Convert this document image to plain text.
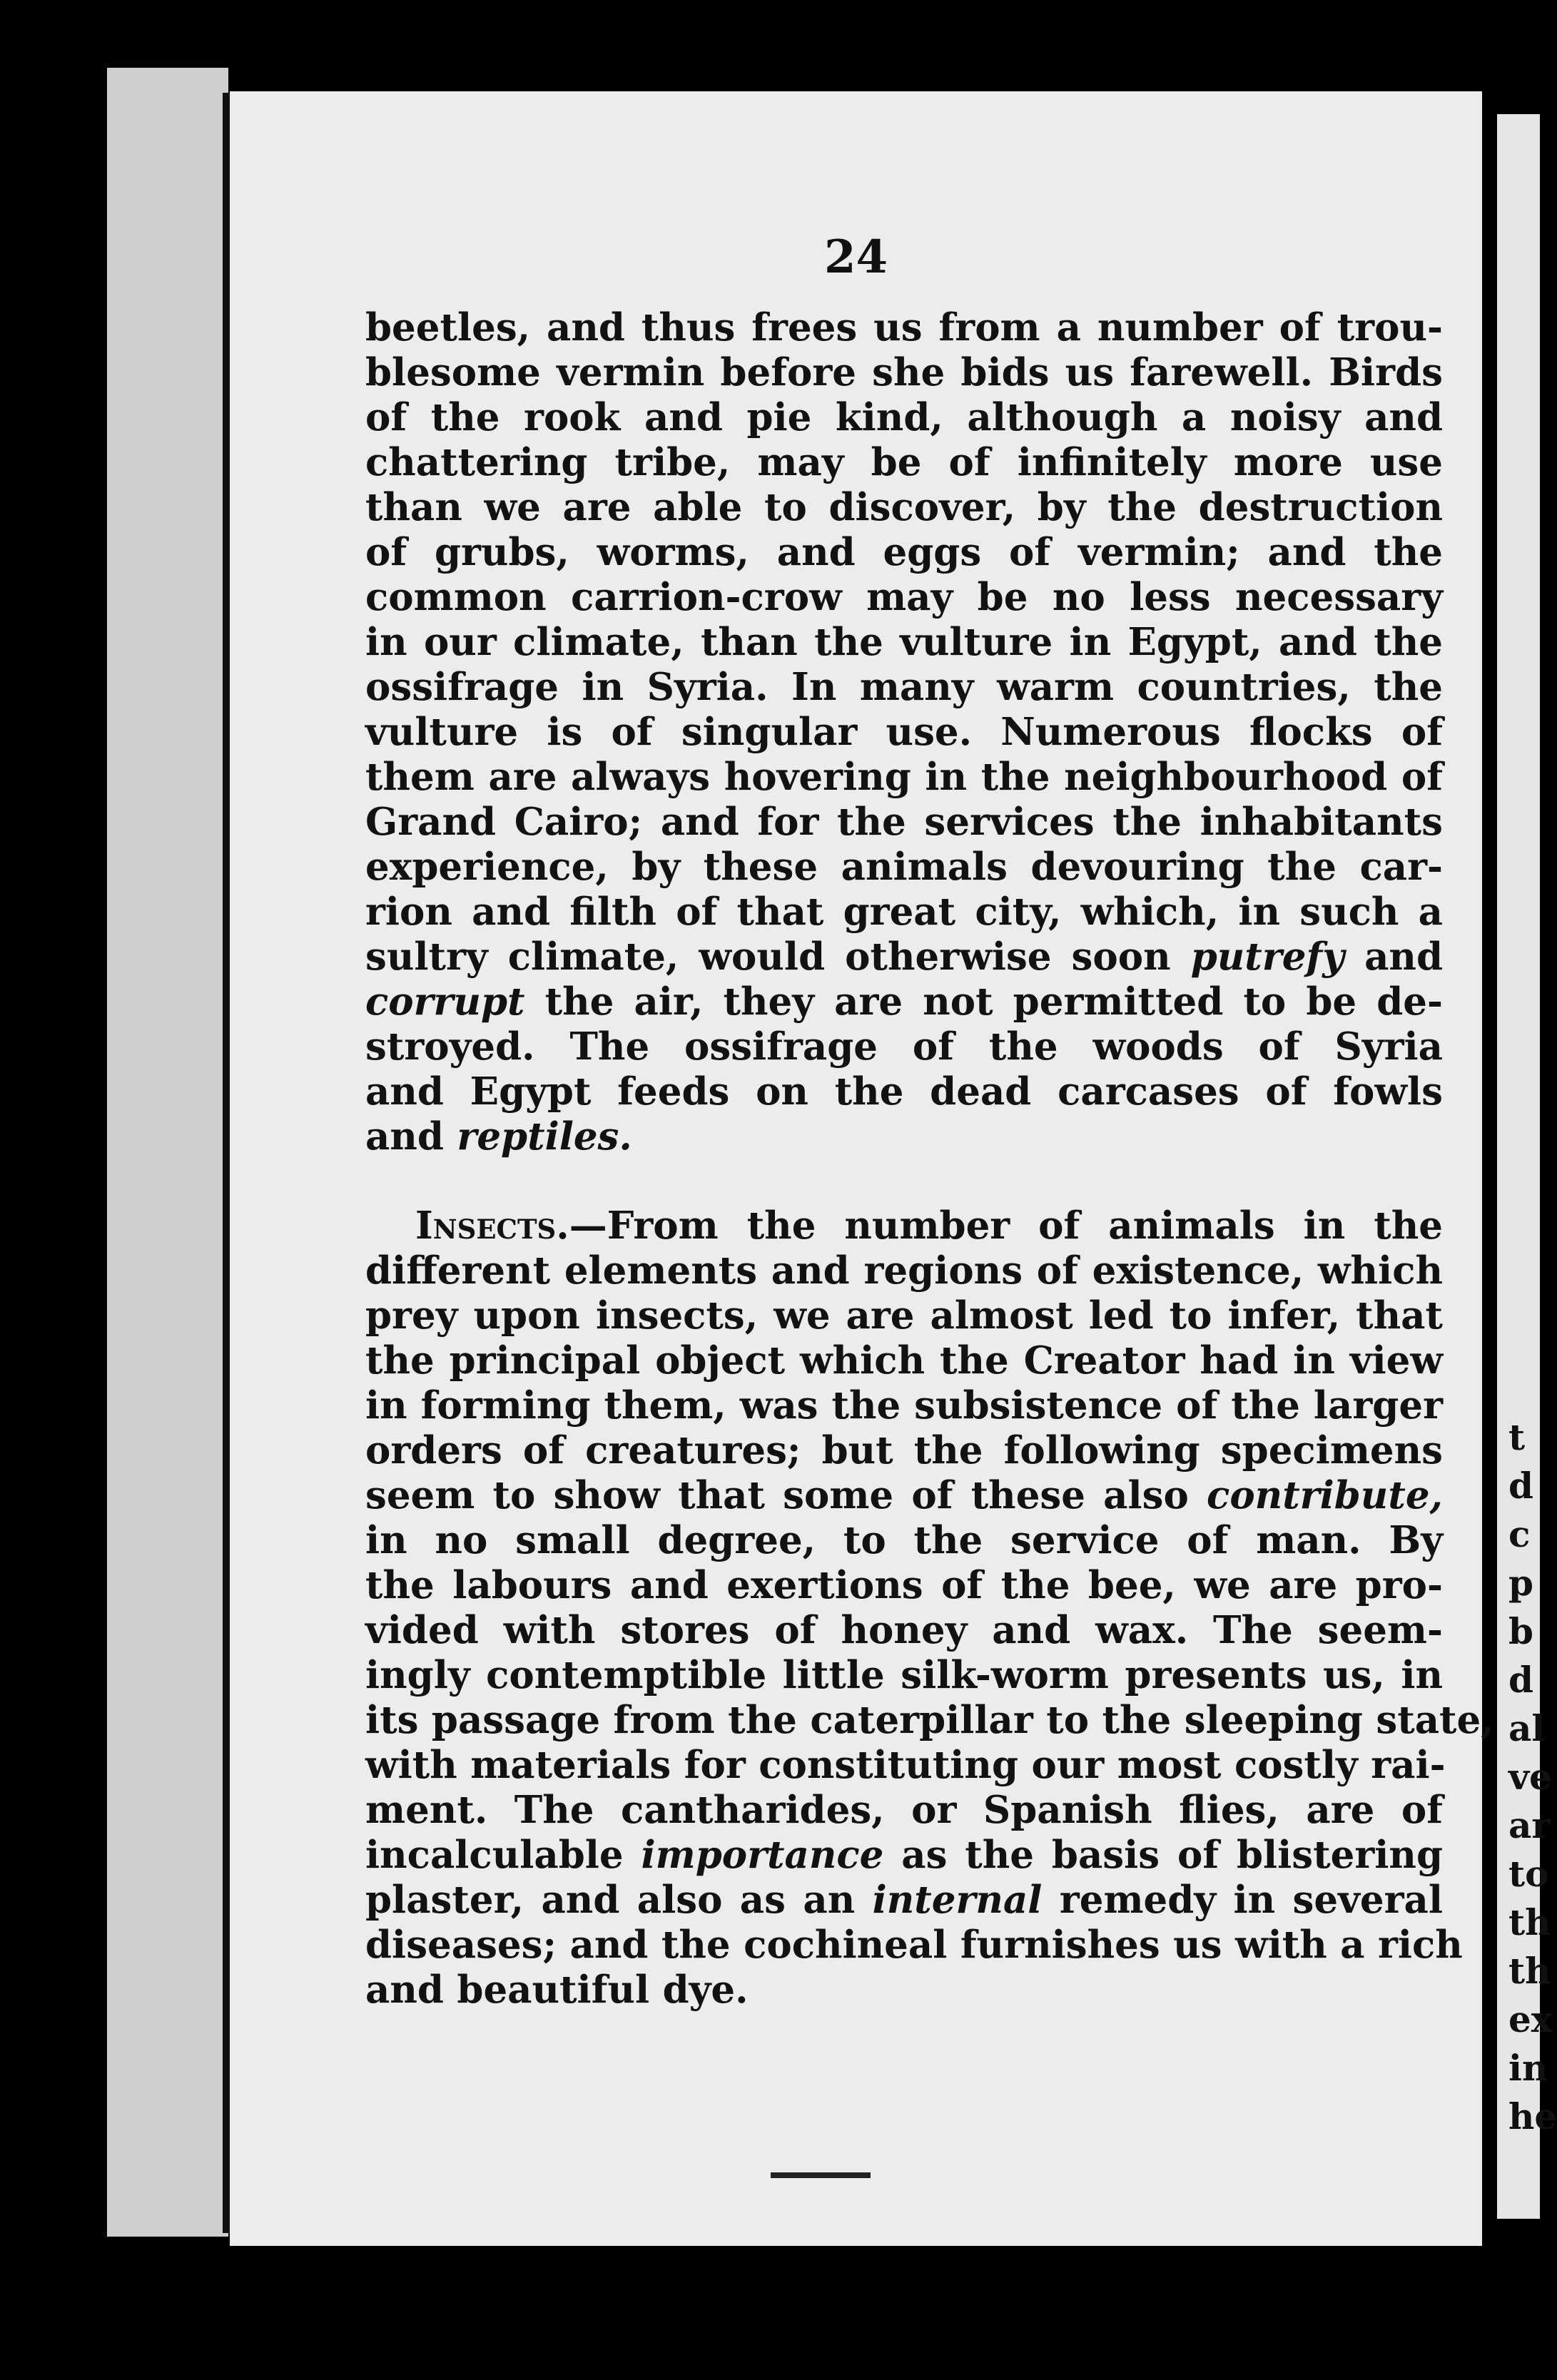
t
d
c
p
b
d
al
ve
ar
to
th
th
ex
in
he
24
beetles, and thus frees us from a number of trou-
blesome vermin before she bids us farewell. Birds
of the rook and pie kind, although a noisy and
chattering tribe, may be of infinitely more use
than we are able to discover, by the destruction
of grubs, worms, and eggs of vermin; and the
common carrion-crow may be no less necessary
in our climate, than the vulture in Egypt, and the
ossifrage in Syria. In many warm countries, the
vulture is of singular use. Numerous flocks of
them are always hovering in the neighbourhood of
Grand Cairo; and for the services the inhabitants
experience, by these animals devouring the car-
rion and filth of that great city, which, in such a
sultry climate, would otherwise soon putrefy and
corrupt the air, they are not permitted to be de-
stroyed. The ossifrage of the woods of Syria
and Egypt feeds on the dead carcases of fowls
and reptiles.
Insects.—From the number of animals in the
different elements and regions of existence, which
prey upon insects, we are almost led to infer, that
the principal object which the Creator had in view
in forming them, was the subsistence of the larger
orders of creatures; but the following specimens
seem to show that some of these also contribute,
in no small degree, to the service of man. By
the labours and exertions of the bee, we are pro-
vided with stores of honey and wax. The seem-
ingly contemptible little silk-worm presents us, in
its passage from the caterpillar to the sleeping state,
with materials for constituting our most costly rai-
ment. The cantharides, or Spanish flies, are of
incalculable importance as the basis of blistering
plaster, and also as an internal remedy in several
diseases; and the cochineal furnishes us with a rich
and beautiful dye.
